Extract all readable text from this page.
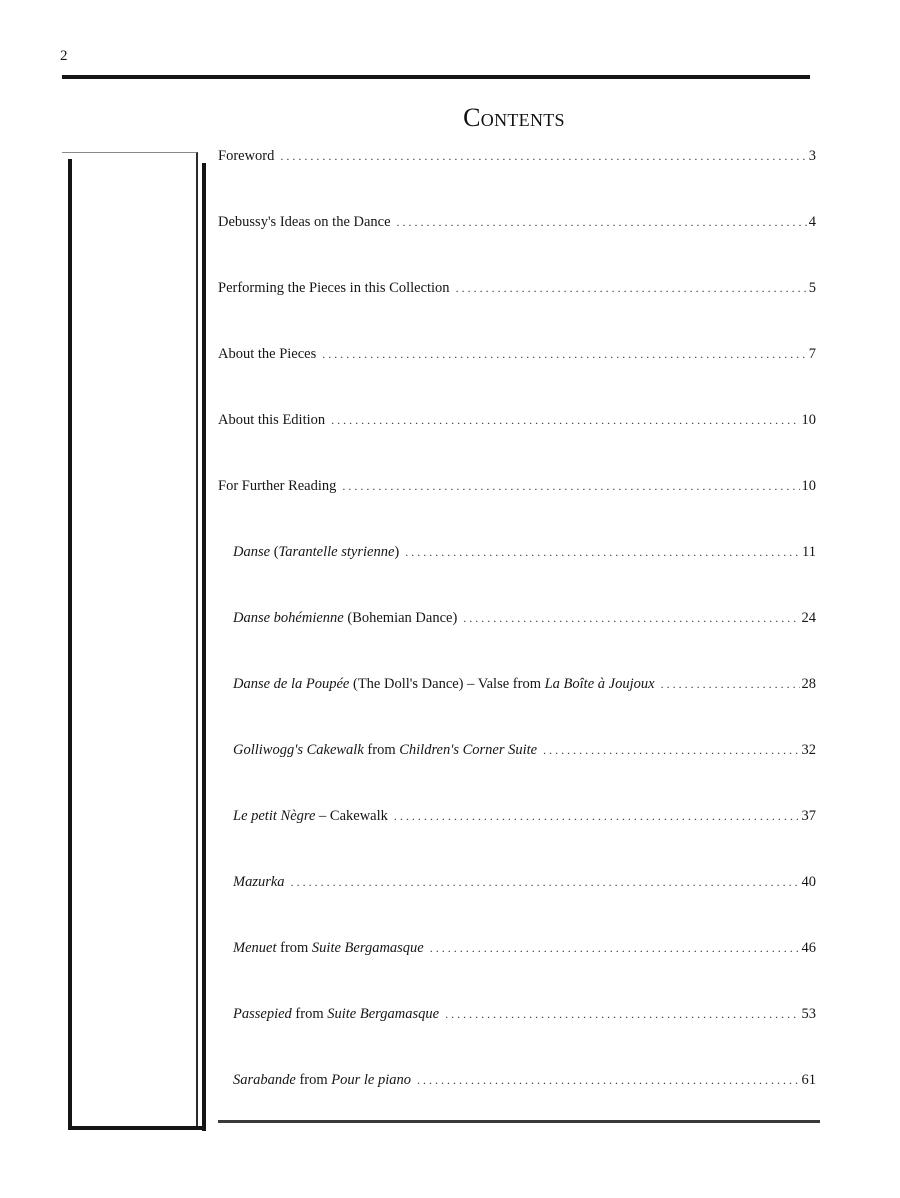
2
Contents
Foreword . . .	3
Debussy's Ideas on the Dance . . .	4
Performing the Pieces in this Collection . . .	5
About the Pieces . . .	7
About this Edition . . .	10
For Further Reading . . .	10
Danse (Tarantelle styrienne) . . .	11
Danse bohémienne (Bohemian Dance) . . .	24
Danse de la Poupée (The Doll's Dance) – Valse from La Boîte à Joujoux . . .	28
Golliwogg's Cakewalk from Children's Corner Suite . . .	32
Le petit Nègre – Cakewalk . . .	37
Mazurka . . .	40
Menuet from Suite Bergamasque . . .	46
Passepied from Suite Bergamasque . . .	53
Sarabande from Pour le piano . . .	61
